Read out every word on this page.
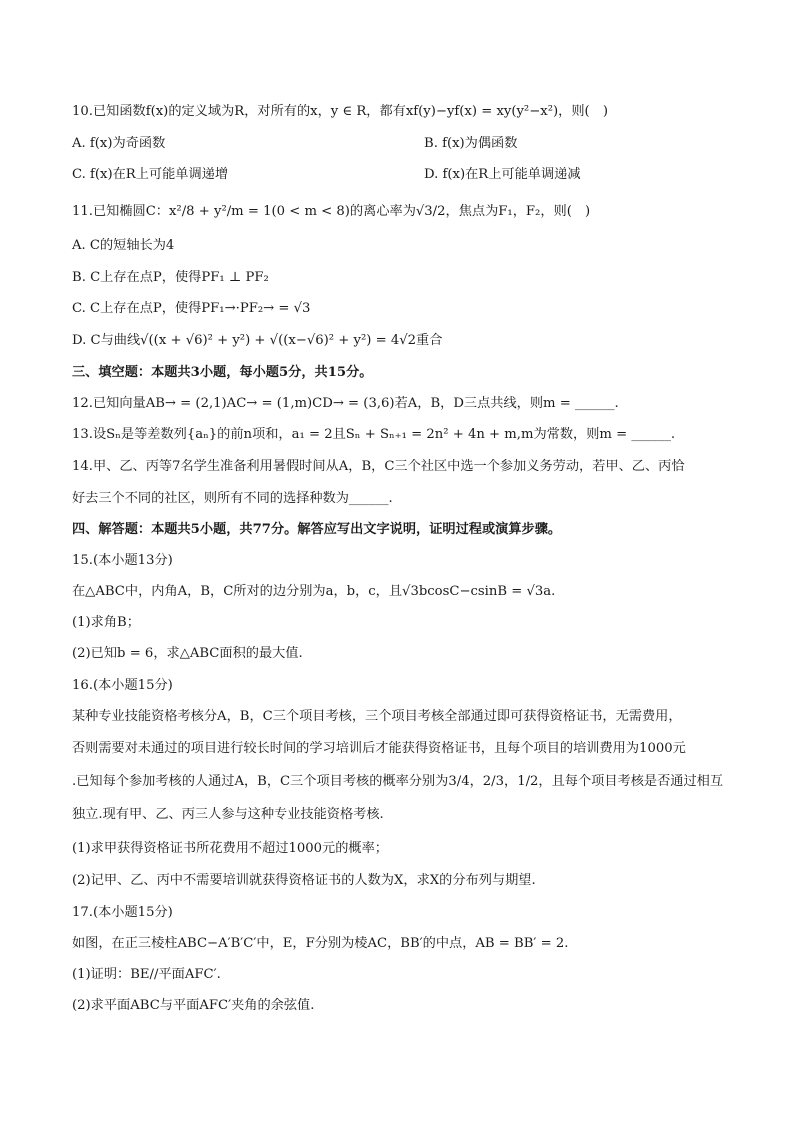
10.已知函数f(x)的定义域为R，对所有的x，y ∈ R，都有xf(y)−yf(x) = xy(y²−x²)，则(　)
A. f(x)为奇函数	B. f(x)为偶函数
C. f(x)在R上可能单调递增	D. f(x)在R上可能单调递减
11.已知椭圆C：x²/8 + y²/m = 1(0 < m < 8)的离心率为√3/2，焦点为F₁，F₂，则(　)
A. C的短轴长为4
B. C上存在点P，使得PF₁ ⊥ PF₂
C. C上存在点P，使得PF₁→·PF₂→ = √3
D. C与曲线√((x + √6)² + y²) + √((x−√6)² + y²) = 4√2重合
三、填空题：本题共3小题，每小题5分，共15分。
12.已知向量AB→ = (2,1)AC→ = (1,m)CD→ = (3,6)若A，B，D三点共线，则m = ______.
13.设Sₙ是等差数列{aₙ}的前n项和，a₁ = 2且Sₙ + Sₙ₊₁ = 2n² + 4n + m,m为常数，则m = ______.
14.甲、乙、丙等7名学生准备利用暑假时间从A，B，C三个社区中选一个参加义务劳动，若甲、乙、丙恰
好去三个不同的社区，则所有不同的选择种数为______.
四、解答题：本题共5小题，共77分。解答应写出文字说明，证明过程或演算步骤。
15.(本小题13分)
在△ABC中，内角A，B，C所对的边分别为a，b，c，且√3bcosC−csinB = √3a.
(1)求角B；
(2)已知b = 6，求△ABC面积的最大值.
16.(本小题15分)
某种专业技能资格考核分A，B，C三个项目考核，三个项目考核全部通过即可获得资格证书，无需费用，
否则需要对未通过的项目进行较长时间的学习培训后才能获得资格证书，且每个项目的培训费用为1000元
.已知每个参加考核的人通过A，B，C三个项目考核的概率分别为3/4，2/3，1/2，且每个项目考核是否通过相互
独立.现有甲、乙、丙三人参与这种专业技能资格考核.
(1)求甲获得资格证书所花费用不超过1000元的概率；
(2)记甲、乙、丙中不需要培训就获得资格证书的人数为X，求X的分布列与期望.
17.(本小题15分)
如图，在正三棱柱ABC−A′B′C′中，E，F分别为棱AC，BB′的中点，AB = BB′ = 2.
(1)证明：BE//平面AFC′.
(2)求平面ABC与平面AFC′夹角的余弦值.
